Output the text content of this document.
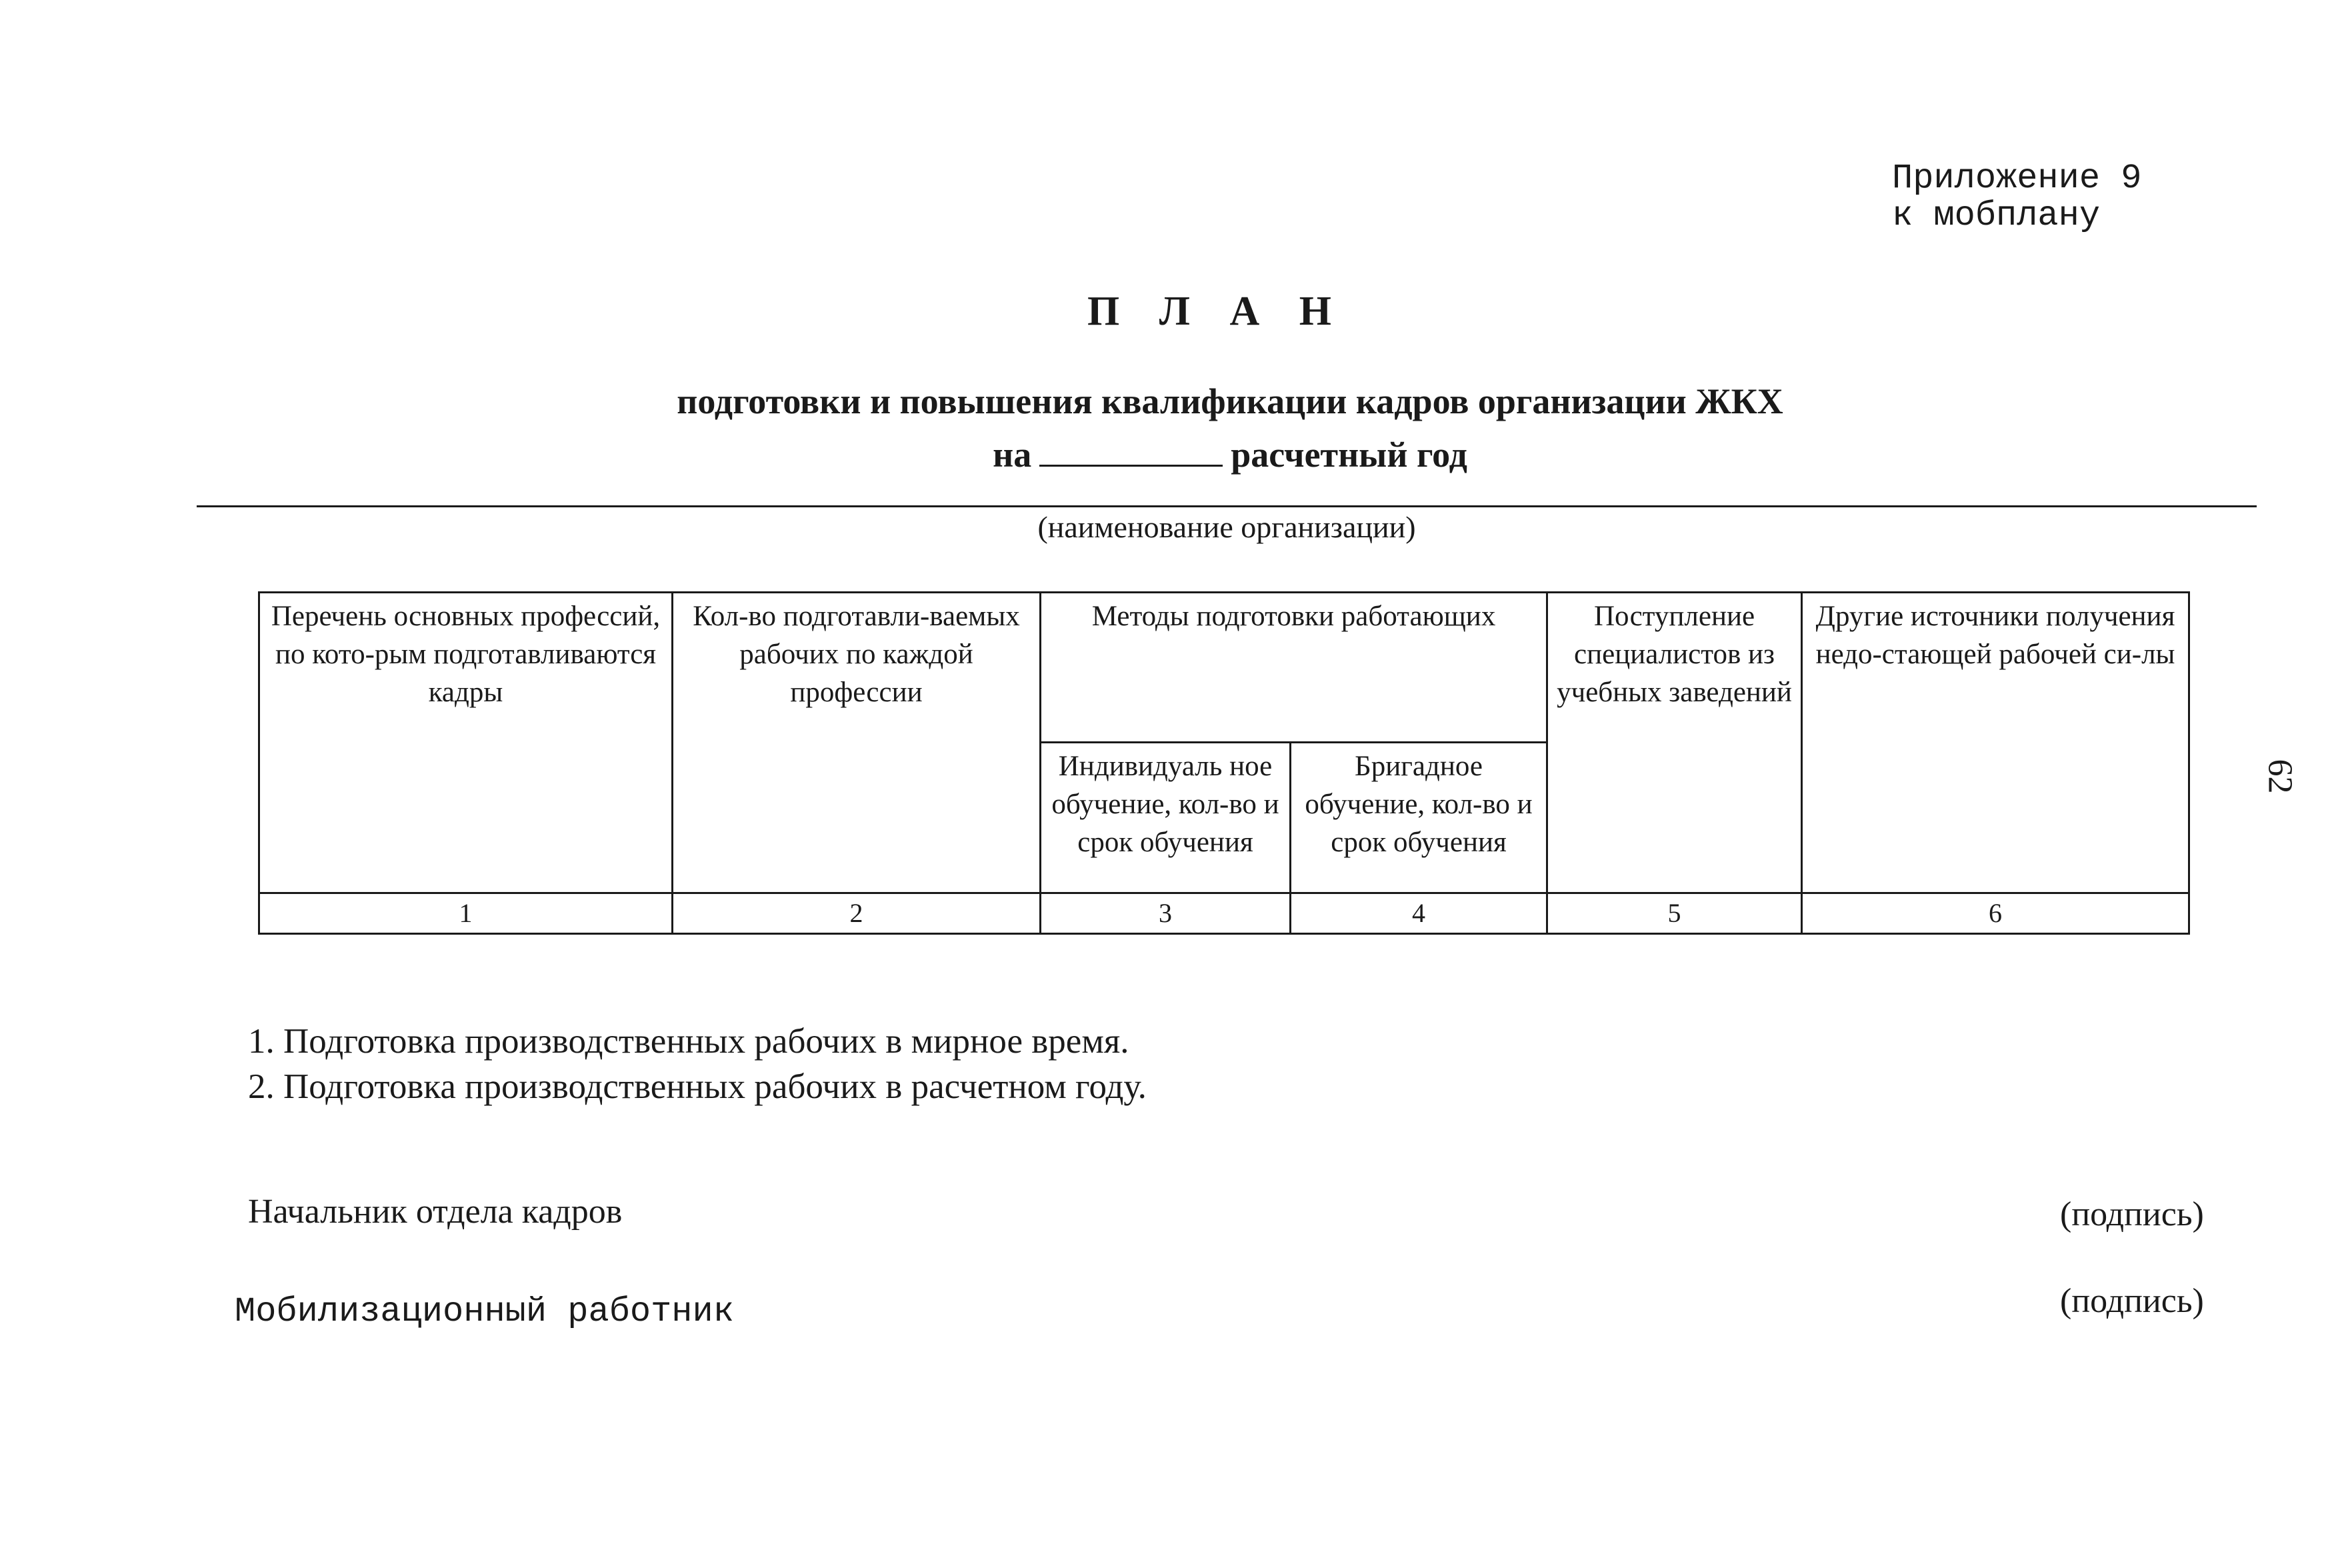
Приложение 9

к мобплану
П Л А Н
подготовки и повышения квалификации кадров организации ЖКХ
на	расчетный год
(наименование организации)
Перечень основных профессий, по кото-рым подготавливаются кадры	Кол-во подготавли-ваемых рабочих по каждой профессии	Методы подготовки работающих		Поступление специалистов из учебных заведений	Другие источники получения недо-стающей рабочей си-лы
		Индивидуаль ное обучение, кол-во и срок обучения	Бригадное обучение, кол-во и срок обучения		
1	2	3	4	5	6
62
1. Подготовка производственных рабочих в мирное время.
2. Подготовка производственных рабочих в расчетном году.
Начальник отдела кадров	(подпись)
Мобилизационный работник	(подпись)
